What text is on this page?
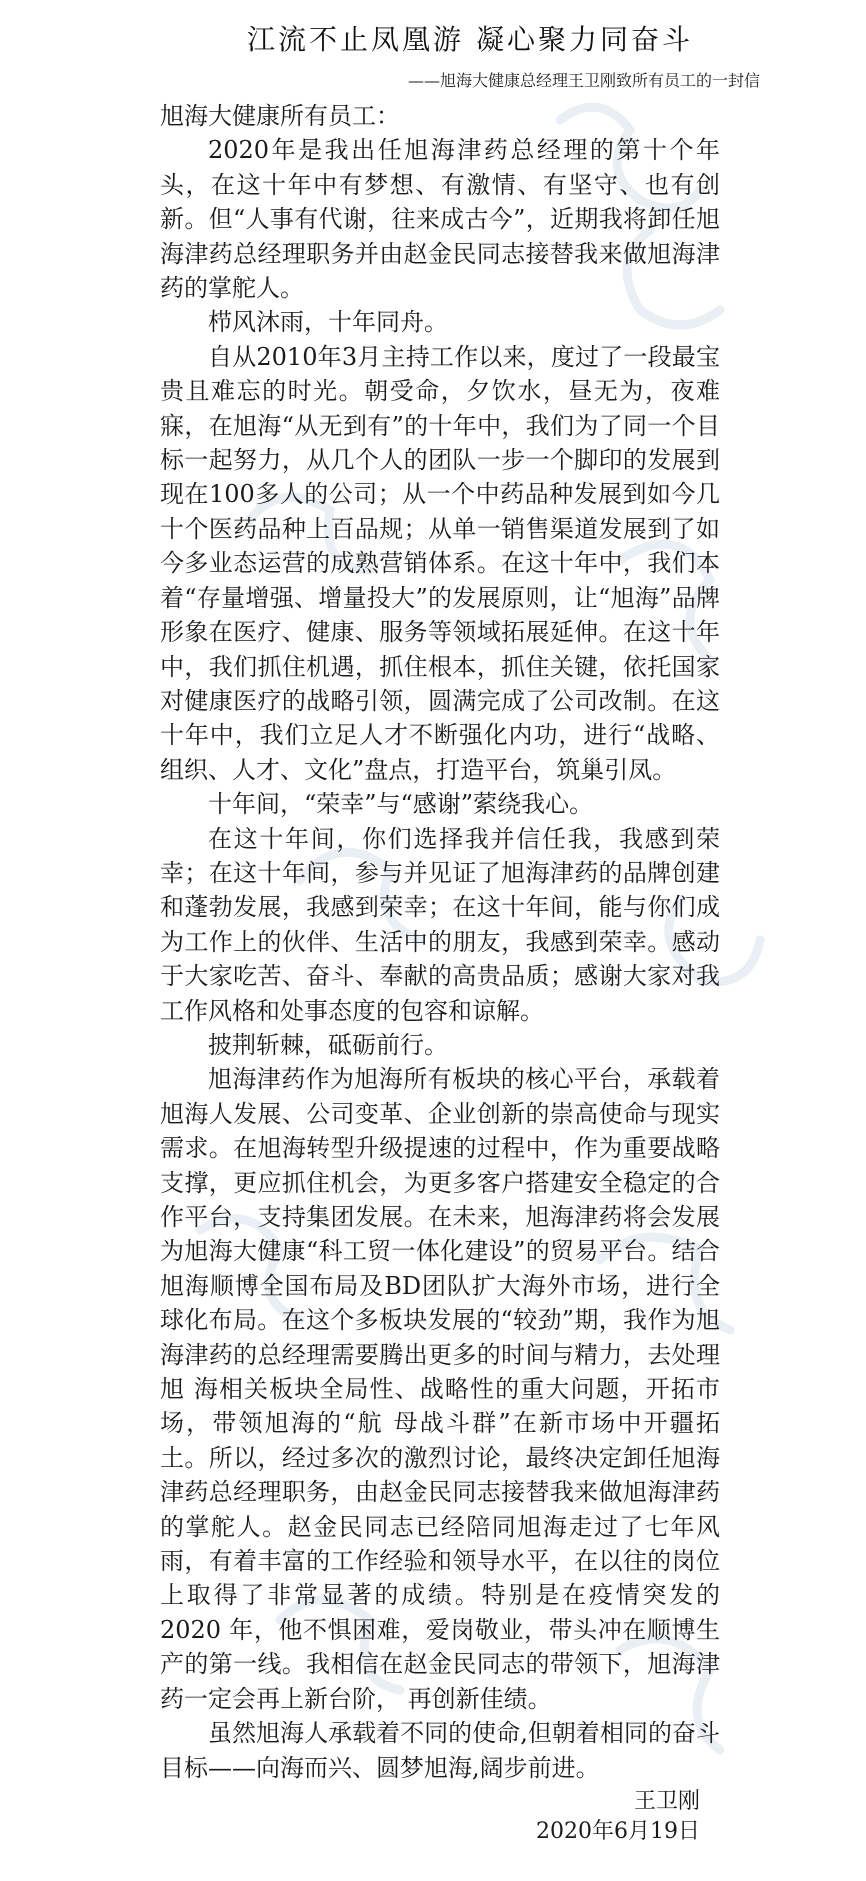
江流不止凤凰游 凝心聚力同奋斗
——旭海大健康总经理王卫刚致所有员工的一封信

旭海大健康所有员工：

2020年是我出任旭海津药总经理的第十个年头，在这十年中有梦想、有激情、有坚守、也有创新。但“人事有代谢，往来成古今”，近期我将卸任旭海津药总经理职务并由赵金民同志接替我来做旭海津药的掌舵人。

栉风沐雨，十年同舟。

自从2010年3月主持工作以来，度过了一段最宝贵且难忘的时光。朝受命，夕饮水，昼无为，夜难寐，在旭海“从无到有”的十年中，我们为了同一个目标一起努力，从几个人的团队一步一个脚印的发展到现在100多人的公司；从一个中药品种发展到如今几十个医药品种上百品规；从单一销售渠道发展到了如今多业态运营的成熟营销体系。在这十年中，我们本着“存量增强、增量投大”的发展原则，让“旭海”品牌形象在医疗、健康、服务等领域拓展延伸。在这十年中，我们抓住机遇，抓住根本，抓住关键，依托国家对健康医疗的战略引领，圆满完成了公司改制。在这十年中，我们立足人才不断强化内功，进行“战略、组织、人才、文化”盘点，打造平台，筑巢引凤。

十年间，“荣幸”与“感谢”萦绕我心。

在这十年间，你们选择我并信任我，我感到荣幸；在这十年间，参与并见证了旭海津药的品牌创建和蓬勃发展，我感到荣幸；在这十年间，能与你们成为工作上的伙伴、生活中的朋友，我感到荣幸。感动于大家吃苦、奋斗、奉献的高贵品质；感谢大家对我工作风格和处事态度的包容和谅解。

披荆斩棘，砥砺前行。

旭海津药作为旭海所有板块的核心平台，承载着旭海人发展、公司变革、企业创新的崇高使命与现实需求。在旭海转型升级提速的过程中，作为重要战略支撑，更应抓住机会，为更多客户搭建安全稳定的合作平台，支持集团发展。在未来，旭海津药将会发展为旭海大健康“科工贸一体化建设”的贸易平台。结合旭海顺博全国布局及BD团队扩大海外市场，进行全球化布局。在这个多板块发展的“较劲”期，我作为旭海津药的总经理需要腾出更多的时间与精力，去处理旭 海相关板块全局性、战略性的重大问题，开拓市场，带领旭海的“航 母战斗群”在新市场中开疆拓土。所以，经过多次的激烈讨论，最终决定卸任旭海津药总经理职务，由赵金民同志接替我来做旭海津药的掌舵人。赵金民同志已经陪同旭海走过了七年风雨，有着丰富的工作经验和领导水平，在以往的岗位上取得了非常显著的成绩。特别是在疫情突发的 2020 年，他不惧困难，爱岗敬业，带头冲在顺博生产的第一线。我相信在赵金民同志的带领下，旭海津药一定会再上新台阶， 再创新佳绩。

虽然旭海人承载着不同的使命,但朝着相同的奋斗目标——向海而兴、圆梦旭海,阔步前进。

王卫刚
2020年6月19日
